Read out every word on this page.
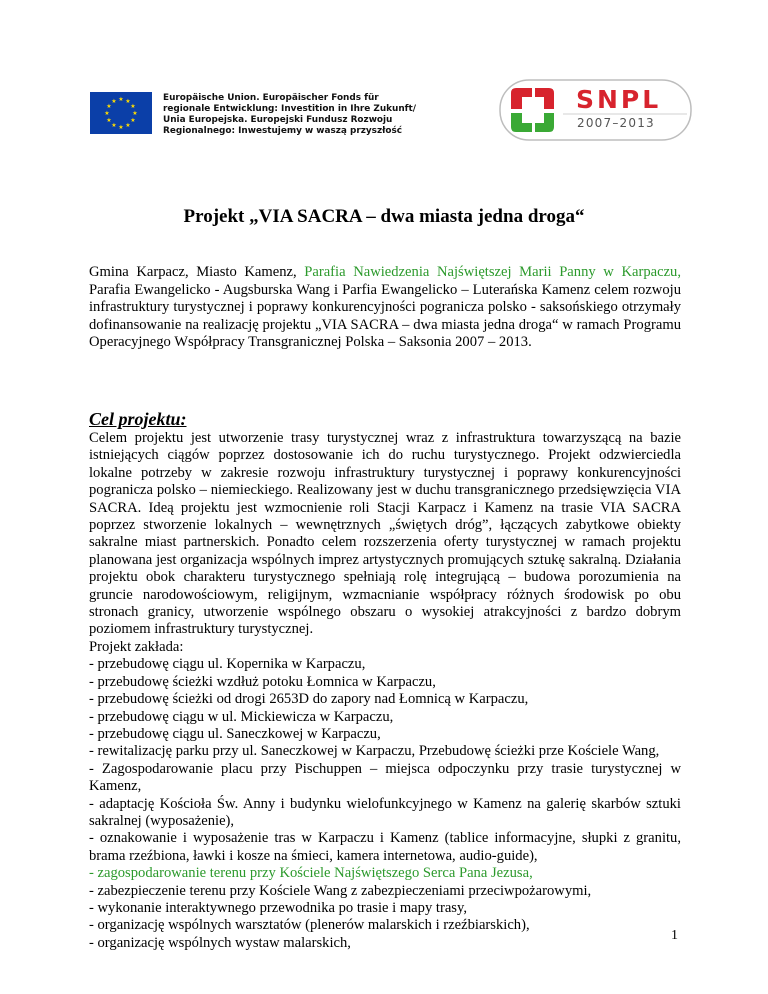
★ ★
★
★
★
★
★
★
★
★
★
★	Europäische Union. Europäischer Fonds für
regionale Entwicklung: Investition in Ihre Zukunft/
Unia Europejska. Europejski Fundusz Rozwoju
Regionalnego: Inwestujemy w waszą przyszłość
SNPL
2007–2013
Projekt „VIA SACRA – dwa miasta jedna droga“
Gmina Karpacz, Miasto Kamenz, Parafia Nawiedzenia Najświętszej Marii Panny w Karpaczu, Parafia Ewangelicko - Augsburska Wang i Parfia Ewangelicko – Luterańska Kamenz celem rozwoju infrastruktury turystycznej i poprawy konkurencyjności pogranicza polsko - saksońskiego otrzymały dofinansowanie na realizację projektu „VIA SACRA – dwa miasta jedna droga“ w ramach Programu Operacyjnego Współpracy Transgranicznej Polska – Saksonia 2007 – 2013.
Cel projektu:
Celem projektu jest utworzenie trasy turystycznej wraz z infrastruktura towarzyszącą na bazie istniejących ciągów poprzez dostosowanie ich do ruchu turystycznego. Projekt odzwierciedla lokalne potrzeby w zakresie rozwoju infrastruktury turystycznej i poprawy konkurencyjności pogranicza polsko – niemieckiego. Realizowany jest w duchu transgranicznego przedsięwzięcia VIA SACRA. Ideą projektu jest wzmocnienie roli Stacji Karpacz i Kamenz na trasie VIA SACRA poprzez stworzenie lokalnych – wewnętrznych „świętych dróg”, łączących zabytkowe obiekty sakralne miast partnerskich. Ponadto celem rozszerzenia oferty turystycznej w ramach projektu planowana jest organizacja wspólnych imprez artystycznych promujących sztukę sakralną. Działania projektu obok charakteru turystycznego spełniają rolę integrującą – budowa porozumienia na gruncie narodowościowym, religijnym, wzmacnianie współpracy różnych środowisk po obu stronach granicy, utworzenie wspólnego obszaru o wysokiej atrakcyjności z bardzo dobrym poziomem infrastruktury turystycznej.
Projekt zakłada:
- przebudowę ciągu ul. Kopernika w Karpaczu,
- przebudowę ścieżki wzdłuż potoku Łomnica w Karpaczu,
- przebudowę ścieżki od drogi 2653D do zapory nad Łomnicą w Karpaczu,
- przebudowę ciągu w ul. Mickiewicza w Karpaczu,
- przebudowę ciągu ul. Saneczkowej w Karpaczu,
- rewitalizację parku przy ul. Saneczkowej w Karpaczu, Przebudowę ścieżki prze Kościele Wang,
- Zagospodarowanie placu przy Pischuppen – miejsca odpoczynku przy trasie turystycznej w Kamenz,
- adaptację Kościoła Św. Anny i budynku wielofunkcyjnego w Kamenz na galerię skarbów sztuki sakralnej (wyposażenie),
- oznakowanie i wyposażenie tras w Karpaczu i Kamenz (tablice informacyjne, słupki z granitu, brama rzeźbiona, ławki i kosze na śmieci, kamera internetowa, audio-guide),
- zagospodarowanie terenu przy Kościele Najświętszego Serca Pana Jezusa,
- zabezpieczenie terenu przy Kościele Wang z zabezpieczeniami przeciwpożarowymi,
- wykonanie interaktywnego przewodnika po trasie i mapy trasy,
- organizację wspólnych warsztatów (plenerów malarskich i rzeźbiarskich),
- organizację wspólnych wystaw malarskich,	1
